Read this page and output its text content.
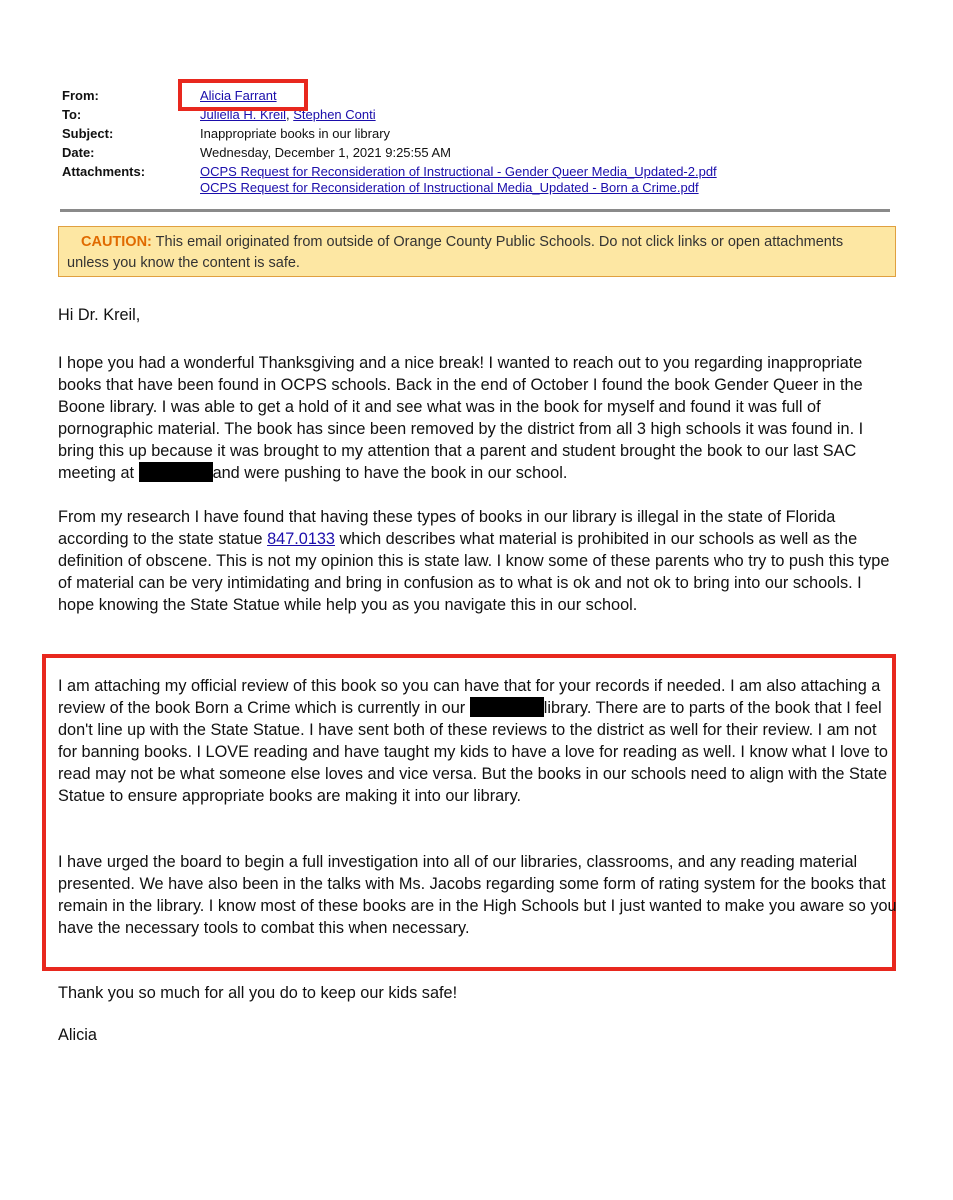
From:	Alicia Farrant
To:	Juliella H. Kreil, Stephen Conti
Subject:	Inappropriate books in our library
Date:	Wednesday, December 1, 2021 9:25:55 AM
Attachments:	OCPS Request for Reconsideration of Instructional - Gender Queer Media_Updated-2.pdf
OCPS Request for Reconsideration of Instructional Media_Updated - Born a Crime.pdf
CAUTION: This email originated from outside of Orange County Public Schools. Do not click links or open attachments unless you know the content is safe.

Hi Dr. Kreil,

I hope you had a wonderful Thanksgiving and a nice break! I wanted to reach out to you regarding inappropriate books that have been found in OCPS schools. Back in the end of October I found the book Gender Queer in the Boone library. I was able to get a hold of it and see what was in the book for myself and found it was full of pornographic material. The book has since been removed by the district from all 3 high schools it was found in. I bring this up because it was brought to my attention that a parent and student brought the book to our last SAC meeting at	and were pushing to have the book in our school.

From my research I have found that having these types of books in our library is illegal in the state of Florida according to the state statue 847.0133 which describes what material is prohibited in our schools as well as the definition of obscene. This is not my opinion this is state law. I know some of these parents who try to push this type of material can be very intimidating and bring in confusion as to what is ok and not ok to bring into our schools. I hope knowing the State Statue while help you as you navigate this in our school.

I am attaching my official review of this book so you can have that for your records if needed. I am also attaching a review of the book Born a Crime which is currently in our	library. There are to parts of the book that I feel don't line up with the State Statue. I have sent both of these reviews to the district as well for their review. I am not for banning books. I LOVE reading and have taught my kids to have a love for reading as well. I know what I love to read may not be what someone else loves and vice versa. But the books in our schools need to align with the State Statue to ensure appropriate books are making it into our library.

I have urged the board to begin a full investigation into all of our libraries, classrooms, and any reading material presented. We have also been in the talks with Ms. Jacobs regarding some form of rating system for the books that remain in the library. I know most of these books are in the High Schools but I just wanted to make you aware so you have the necessary tools to combat this when necessary.

Thank you so much for all you do to keep our kids safe!

Alicia
